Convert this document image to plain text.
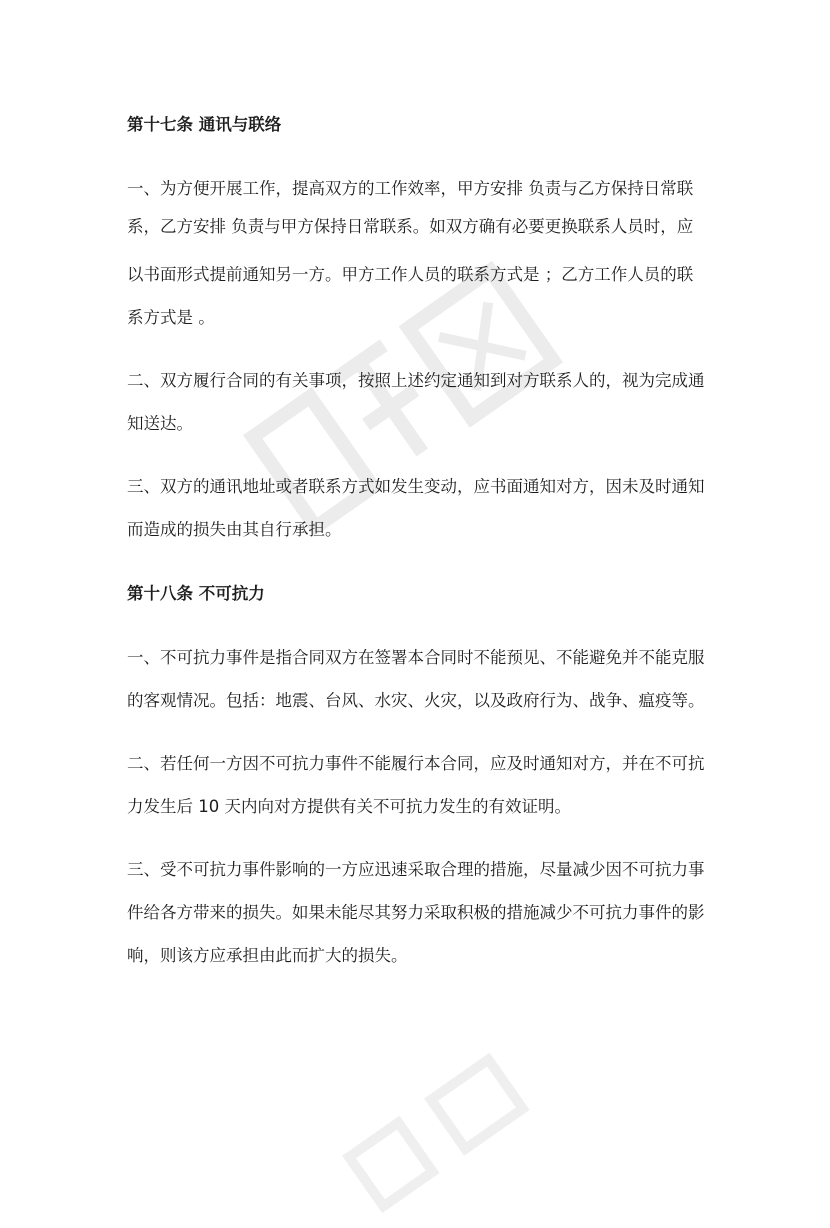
第十七条 通讯与联络

一、为方便开展工作，提高双方的工作效率，甲方安排 负责与乙方保持日常联

系，乙方安排 负责与甲方保持日常联系。如双方确有必要更换联系人员时，应

以书面形式提前通知另一方。甲方工作人员的联系方式是 ；乙方工作人员的联

系方式是 。

二、双方履行合同的有关事项，按照上述约定通知到对方联系人的，视为完成通

知送达。

三、双方的通讯地址或者联系方式如发生变动，应书面通知对方，因未及时通知

而造成的损失由其自行承担。

第十八条 不可抗力

一、不可抗力事件是指合同双方在签署本合同时不能预见、不能避免并不能克服

的客观情况。包括：地震、台风、水灾、火灾，以及政府行为、战争、瘟疫等。

二、若任何一方因不可抗力事件不能履行本合同，应及时通知对方，并在不可抗

力发生后 10 天内向对方提供有关不可抗力发生的有效证明。

三、受不可抗力事件影响的一方应迅速采取合理的措施，尽量减少因不可抗力事

件给各方带来的损失。如果未能尽其努力采取积极的措施减少不可抗力事件的影

响，则该方应承担由此而扩大的损失。
